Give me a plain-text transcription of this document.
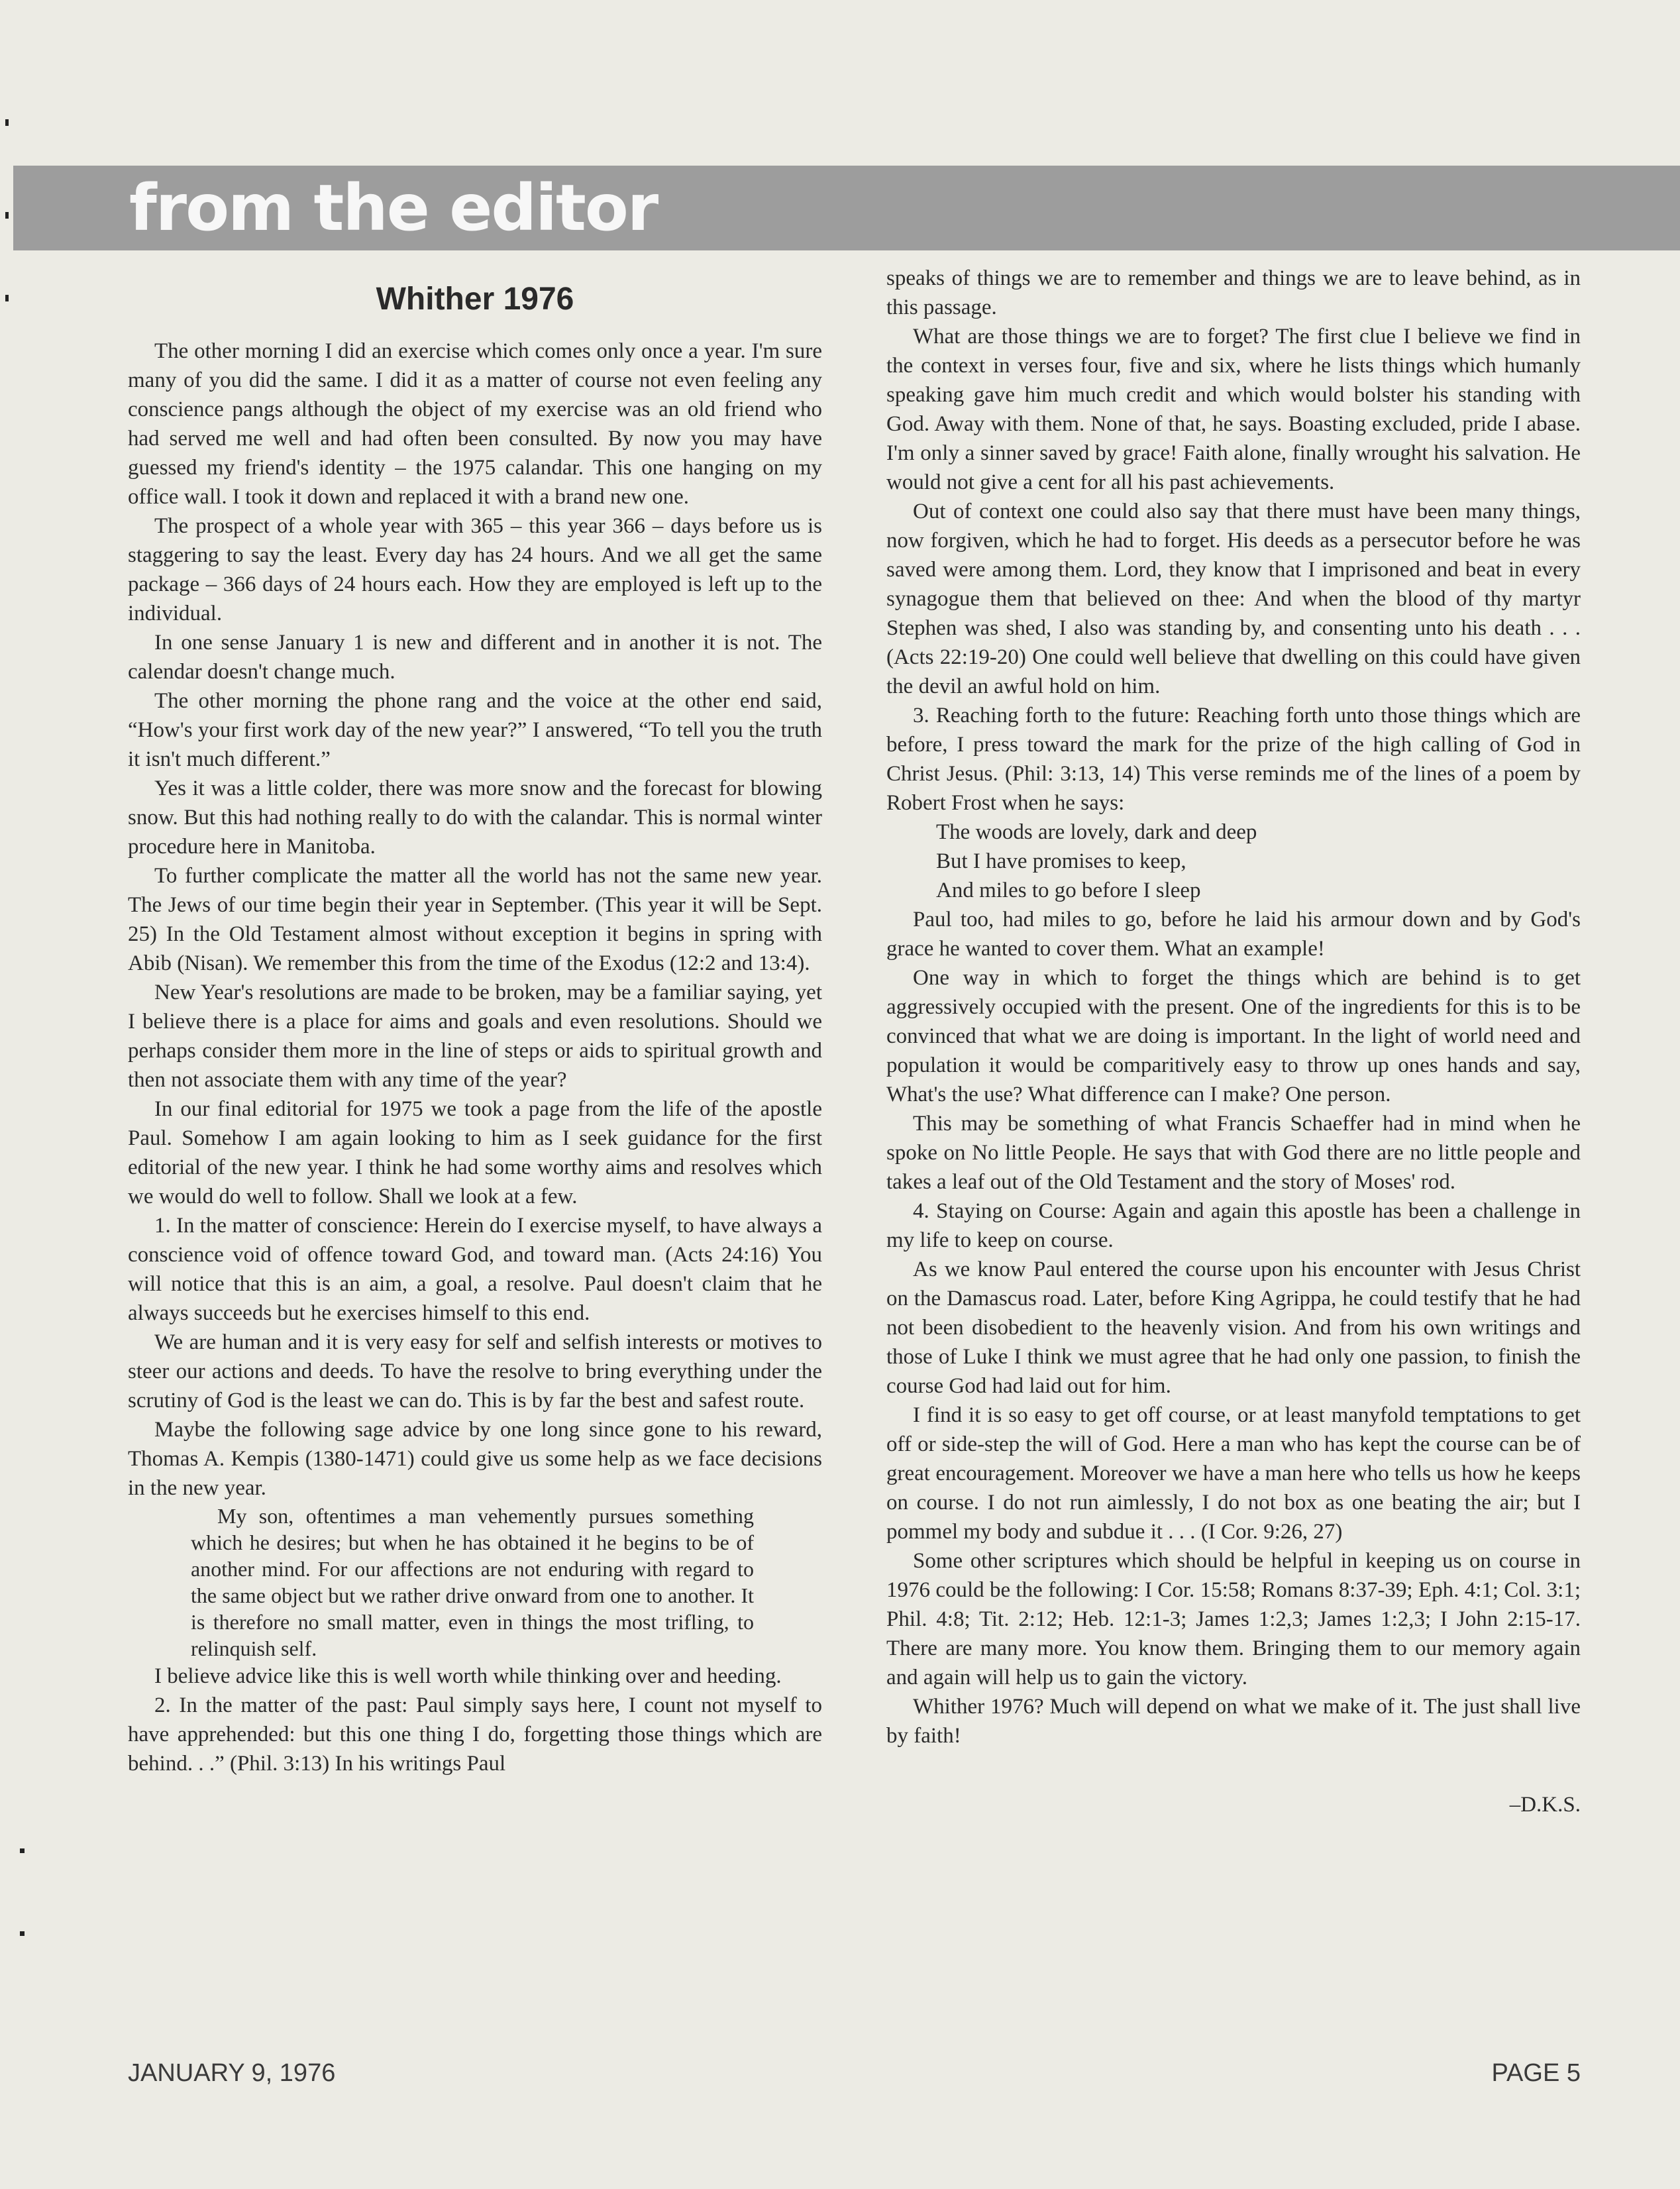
from the editor
Whither 1976

The other morning I did an exercise which comes only once a year. I'm sure many of you did the same. I did it as a matter of course not even feeling any conscience pangs although the object of my exercise was an old friend who had served me well and had often been consulted. By now you may have guessed my friend's identity – the 1975 calandar. This one hanging on my office wall. I took it down and replaced it with a brand new one.

The prospect of a whole year with 365 – this year 366 – days before us is staggering to say the least. Every day has 24 hours. And we all get the same package – 366 days of 24 hours each. How they are employed is left up to the individual.

In one sense January 1 is new and different and in another it is not. The calendar doesn't change much.

The other morning the phone rang and the voice at the other end said, “How's your first work day of the new year?” I answered, “To tell you the truth it isn't much different.”

Yes it was a little colder, there was more snow and the forecast for blowing snow. But this had nothing really to do with the calandar. This is normal winter procedure here in Manitoba.

To further complicate the matter all the world has not the same new year. The Jews of our time begin their year in September. (This year it will be Sept. 25) In the Old Testament almost without exception it begins in spring with Abib (Nisan). We remember this from the time of the Exodus (12:2 and 13:4).

New Year's resolutions are made to be broken, may be a familiar saying, yet I believe there is a place for aims and goals and even resolutions. Should we perhaps consider them more in the line of steps or aids to spiritual growth and then not associate them with any time of the year?

In our final editorial for 1975 we took a page from the life of the apostle Paul. Somehow I am again looking to him as I seek guidance for the first editorial of the new year. I think he had some worthy aims and resolves which we would do well to follow. Shall we look at a few.

1. In the matter of conscience: Herein do I exercise myself, to have always a conscience void of offence toward God, and toward man. (Acts 24:16) You will notice that this is an aim, a goal, a resolve. Paul doesn't claim that he always succeeds but he exercises himself to this end.

We are human and it is very easy for self and selfish interests or motives to steer our actions and deeds. To have the resolve to bring everything under the scrutiny of God is the least we can do. This is by far the best and safest route.

Maybe the following sage advice by one long since gone to his reward, Thomas A. Kempis (1380-1471) could give us some help as we face decisions in the new year.

My son, oftentimes a man vehemently pursues something which he desires; but when he has obtained it he begins to be of another mind. For our affections are not enduring with regard to the same object but we rather drive onward from one to another. It is therefore no small matter, even in things the most trifling, to relinquish self.

I believe advice like this is well worth while thinking over and heeding.

2. In the matter of the past: Paul simply says here, I count not myself to have apprehended: but this one thing I do, forgetting those things which are behind. . .” (Phil. 3:13) In his writings Paul

speaks of things we are to remember and things we are to leave behind, as in this passage.

What are those things we are to forget? The first clue I believe we find in the context in verses four, five and six, where he lists things which humanly speaking gave him much credit and which would bolster his standing with God. Away with them. None of that, he says. Boasting excluded, pride I abase. I'm only a sinner saved by grace! Faith alone, finally wrought his salvation. He would not give a cent for all his past achievements.

Out of context one could also say that there must have been many things, now forgiven, which he had to forget. His deeds as a persecutor before he was saved were among them. Lord, they know that I imprisoned and beat in every synagogue them that believed on thee: And when the blood of thy martyr Stephen was shed, I also was standing by, and consenting unto his death . . . (Acts 22:19-20) One could well believe that dwelling on this could have given the devil an awful hold on him.

3. Reaching forth to the future: Reaching forth unto those things which are before, I press toward the mark for the prize of the high calling of God in Christ Jesus. (Phil: 3:13, 14) This verse reminds me of the lines of a poem by Robert Frost when he says:

The woods are lovely, dark and deep
But I have promises to keep,
And miles to go before I sleep

Paul too, had miles to go, before he laid his armour down and by God's grace he wanted to cover them. What an example!

One way in which to forget the things which are behind is to get aggressively occupied with the present. One of the ingredients for this is to be convinced that what we are doing is important. In the light of world need and population it would be comparitively easy to throw up ones hands and say, What's the use? What difference can I make? One person.

This may be something of what Francis Schaeffer had in mind when he spoke on No little People. He says that with God there are no little people and takes a leaf out of the Old Testament and the story of Moses' rod.

4. Staying on Course: Again and again this apostle has been a challenge in my life to keep on course.

As we know Paul entered the course upon his encounter with Jesus Christ on the Damascus road. Later, before King Agrippa, he could testify that he had not been disobedient to the heavenly vision. And from his own writings and those of Luke I think we must agree that he had only one passion, to finish the course God had laid out for him.

I find it is so easy to get off course, or at least manyfold temptations to get off or side-step the will of God. Here a man who has kept the course can be of great encouragement. Moreover we have a man here who tells us how he keeps on course. I do not run aimlessly, I do not box as one beating the air; but I pommel my body and subdue it . . . (I Cor. 9:26, 27)

Some other scriptures which should be helpful in keeping us on course in 1976 could be the following: I Cor. 15:58; Romans 8:37-39; Eph. 4:1; Col. 3:1; Phil. 4:8; Tit. 2:12; Heb. 12:1-3; James 1:2,3; James 1:2,3; I John 2:15-17. There are many more. You know them. Bringing them to our memory again and again will help us to gain the victory.

Whither 1976? Much will depend on what we make of it. The just shall live by faith!

–D.K.S.
JANUARY 9, 1976	PAGE 5
